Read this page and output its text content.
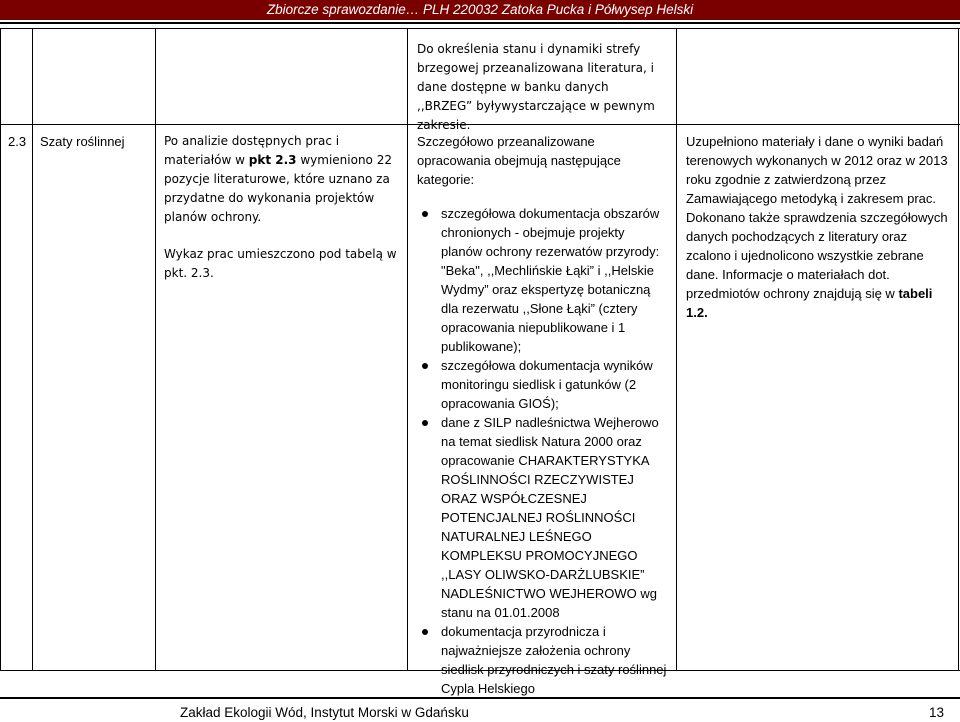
Zbiorcze sprawozdanie… PLH 220032 Zatoka Pucka i Półwysep Helski
Do określenia stanu i dynamiki strefy brzegowej przeanalizowana literatura, i dane dostępne w banku danych ,,BRZEG” byływystarczające w pewnym zakresie.
2.3 Szaty roślinnej	Po analizie dostępnych prac i materiałów w pkt 2.3 wymieniono 22 pozycje literaturowe, które uznano za przydatne do wykonania projektów planów ochrony.

Wykaz prac umieszczono pod tabelą w pkt. 2.3.

Szczegółowo przeanalizowane opracowania obejmują następujące kategorie:

szczegółowa dokumentacja obszarów chronionych - obejmuje projekty planów ochrony rezerwatów przyrody: "Beka", ,,Mechlińskie Łąki” i ,,Helskie Wydmy” oraz ekspertyzę botaniczną dla rezerwatu ,,Słone Łąki” (cztery opracowania niepublikowane i 1 publikowane);
szczegółowa dokumentacja wyników monitoringu siedlisk i gatunków (2 opracowania GIOŚ);
dane z SILP nadleśnictwa Wejherowo na temat siedlisk Natura 2000 oraz opracowanie CHARAKTERYSTYKA ROŚLINNOŚCI RZECZYWISTEJ ORAZ WSPÓŁCZESNEJ POTENCJALNEJ ROŚLINNOŚCI NATURALNEJ LEŚNEGO KOMPLEKSU PROMOCYJNEGO ,,LASY OLIWSKO-DARŻLUBSKIE” NADLEŚNICTWO WEJHEROWO wg stanu na 01.01.2008
dokumentacja przyrodnicza i najważniejsze założenia ochrony siedlisk przyrodniczych i szaty roślinnej Cypla Helskiego

Uzupełniono materiały i dane o wyniki badań terenowych wykonanych w 2012 oraz w 2013 roku zgodnie z zatwierdzoną przez Zamawiającego metodyką i zakresem prac. Dokonano także sprawdzenia szczegółowych danych pochodzących z literatury oraz zcalono i ujednolicono wszystkie zebrane dane. Informacje o materiałach dot. przedmiotów ochrony znajdują się w tabeli 1.2.

Zakład Ekologii Wód, Instytut Morski w Gdańsku	13
